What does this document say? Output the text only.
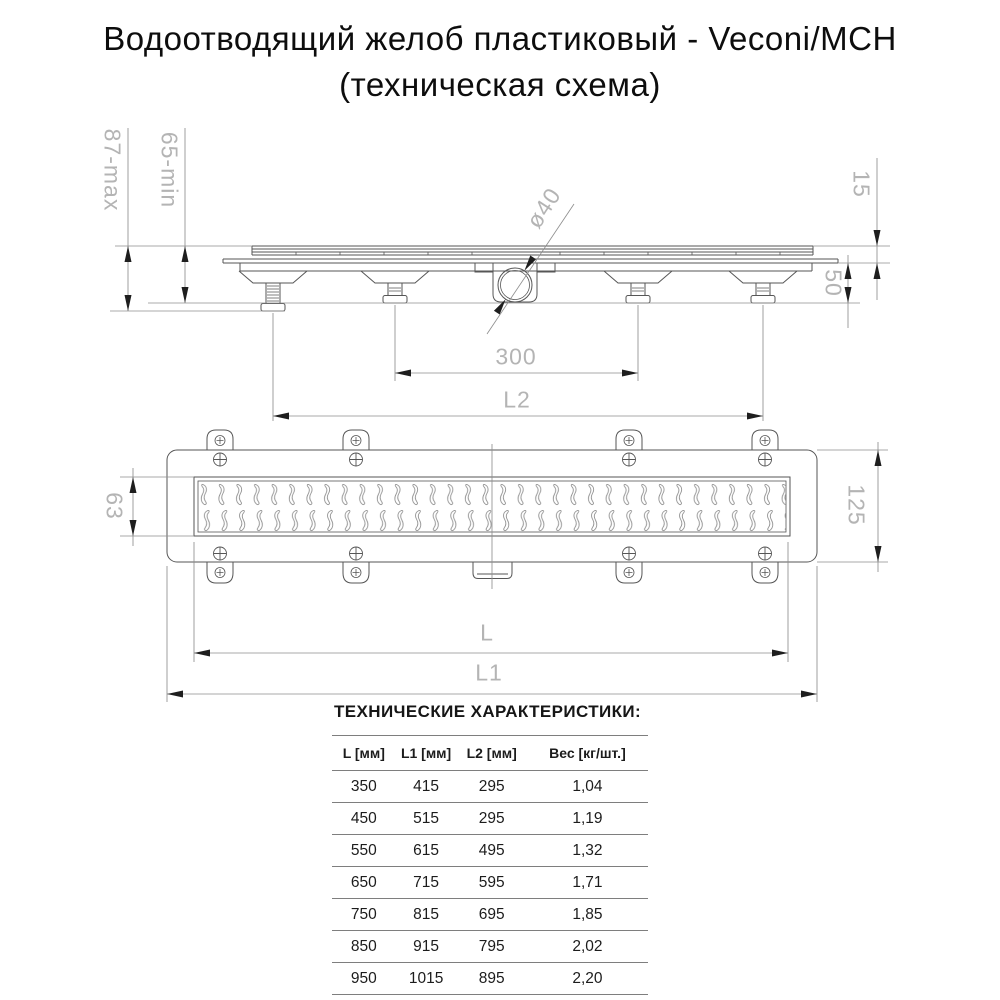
Водоотводящий желоб пластиковый - Veconi/MCH
(техническая схема)
87-max 65-min	15
50
ø40
300
L2
63	125
L
L1
ТЕХНИЧЕСКИЕ ХАРАКТЕРИСТИКИ:
L [мм]	L1 [мм]	L2 [мм]	Вес [кг/шт.]
350	415	295	1,04
450	515	295	1,19
550	615	495	1,32
650	715	595	1,71
750	815	695	1,85
850	915	795	2,02
950	1015	895	2,20
